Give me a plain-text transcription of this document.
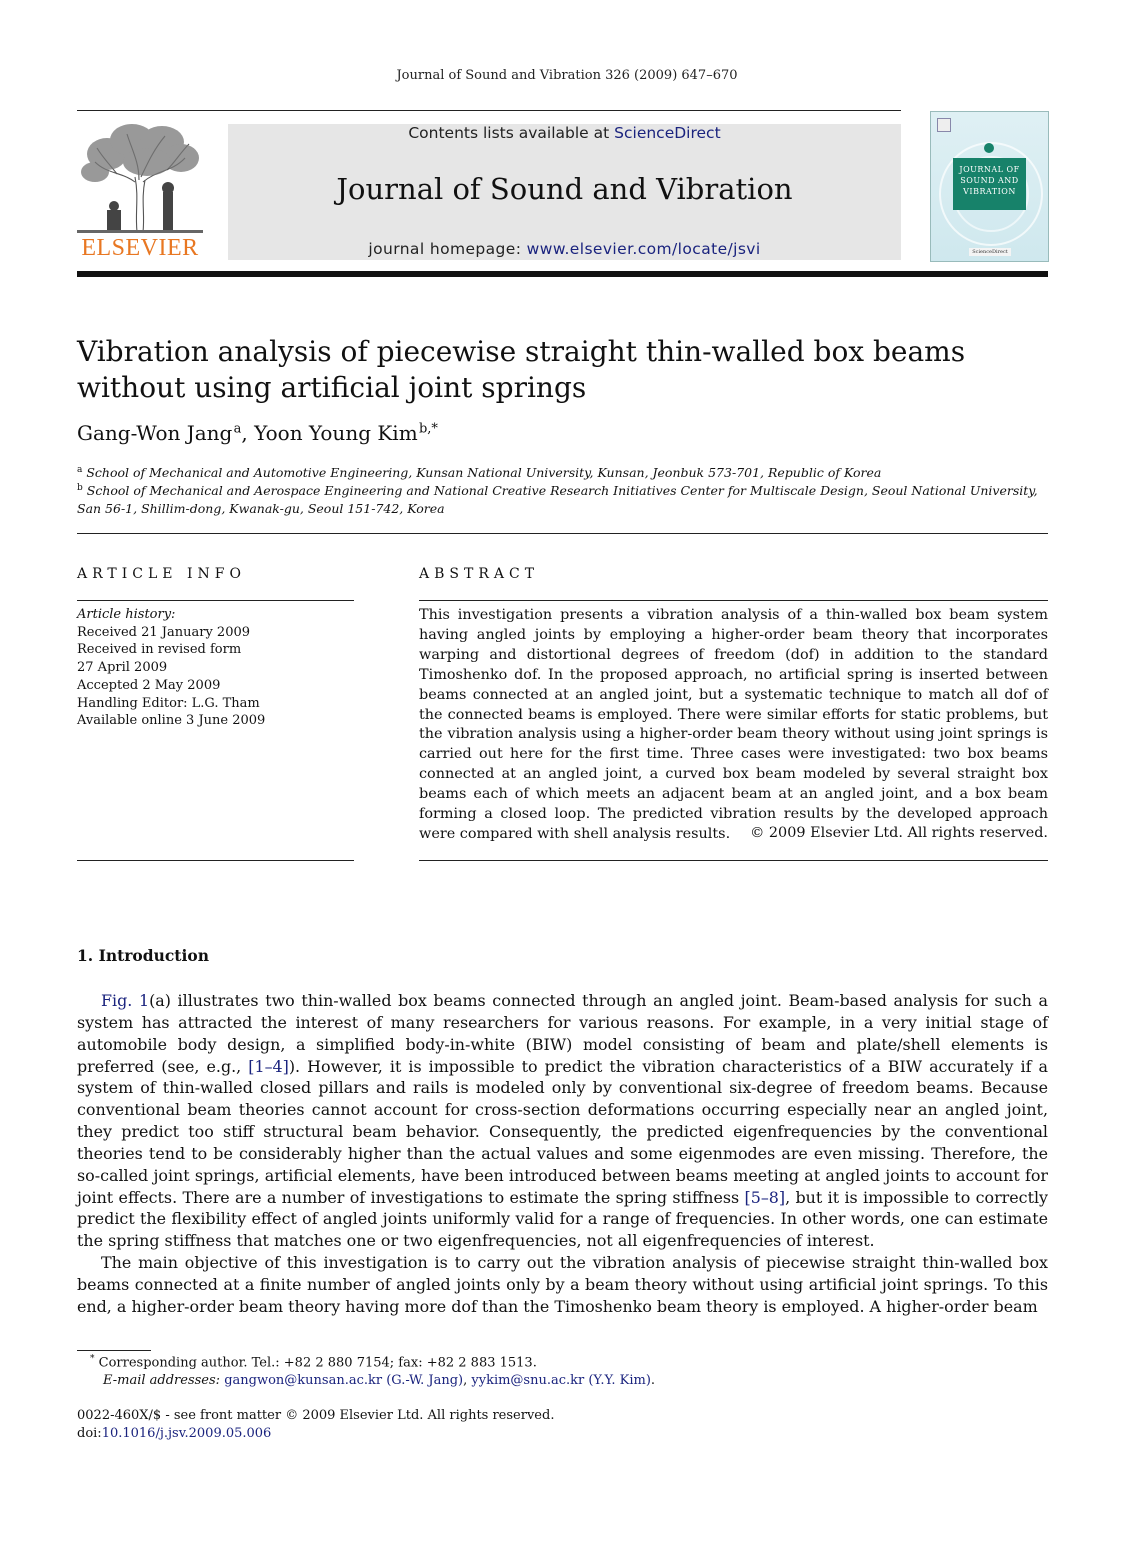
Journal of Sound and Vibration 326 (2009) 647–670
ELSEVIER
Contents lists available at ScienceDirect
Journal of Sound and Vibration
journal homepage: www.elsevier.com/locate/jsvi
JOURNAL OF SOUND AND VIBRATION
ScienceDirect
Vibration analysis of piecewise straight thin-walled box beams
without using artificial joint springs
Gang-Won Jang $^a$, Yoon Young Kim $^{b,*}$
$^a$ School of Mechanical and Automotive Engineering, Kunsan National University, Kunsan, Jeonbuk 573-701, Republic of Korea
$^b$ School of Mechanical and Aerospace Engineering and National Creative Research Initiatives Center for Multiscale Design, Seoul National University,
San 56-1, Shillim-dong, Kwanak-gu, Seoul 151-742, Korea
ARTICLE INFO
Article history:
Received 21 January 2009
Received in revised form
27 April 2009
Accepted 2 May 2009
Handling Editor: L.G. Tham
Available online 3 June 2009
ABSTRACT

This investigation presents a vibration analysis of a thin-walled box beam system having angled joints by employing a higher-order beam theory that incorporates warping and distortional degrees of freedom (dof) in addition to the standard Timoshenko dof. In the proposed approach, no artificial spring is inserted between beams connected at an angled joint, but a systematic technique to match all dof of the connected beams is employed. There were similar efforts for static problems, but the vibration analysis using a higher-order beam theory without using joint springs is carried out here for the first time. Three cases were investigated: two box beams connected at an angled joint, a curved box beam modeled by several straight box beams each of which meets an adjacent beam at an angled joint, and a box beam forming a closed loop. The predicted vibration results by the developed approach were compared with shell analysis results.	© 2009 Elsevier Ltd. All rights reserved.
1. Introduction

Fig. 1(a) illustrates two thin-walled box beams connected through an angled joint. Beam-based analysis for such a system has attracted the interest of many researchers for various reasons. For example, in a very initial stage of automobile body design, a simplified body-in-white (BIW) model consisting of beam and plate/shell elements is preferred (see, e.g., [1–4]). However, it is impossible to predict the vibration characteristics of a BIW accurately if a system of thin-walled closed pillars and rails is modeled only by conventional six-degree of freedom beams. Because conventional beam theories cannot account for cross-section deformations occurring especially near an angled joint, they predict too stiff structural beam behavior. Consequently, the predicted eigenfrequencies by the conventional theories tend to be considerably higher than the actual values and some eigenmodes are even missing. Therefore, the so-called joint springs, artificial elements, have been introduced between beams meeting at angled joints to account for joint effects. There are a number of investigations to estimate the spring stiffness [5–8], but it is impossible to correctly predict the flexibility effect of angled joints uniformly valid for a range of frequencies. In other words, one can estimate the spring stiffness that matches one or two eigenfrequencies, not all eigenfrequencies of interest.

The main objective of this investigation is to carry out the vibration analysis of piecewise straight thin-walled box beams connected at a finite number of angled joints only by a beam theory without using artificial joint springs. To this end, a higher-order beam theory having more dof than the Timoshenko beam theory is employed. A higher-order beam

* Corresponding author. Tel.: +82 2 880 7154; fax: +82 2 883 1513.
E-mail addresses: gangwon@kunsan.ac.kr (G.-W. Jang), yykim@snu.ac.kr (Y.Y. Kim).
0022-460X/$ - see front matter © 2009 Elsevier Ltd. All rights reserved.
doi:10.1016/j.jsv.2009.05.006
